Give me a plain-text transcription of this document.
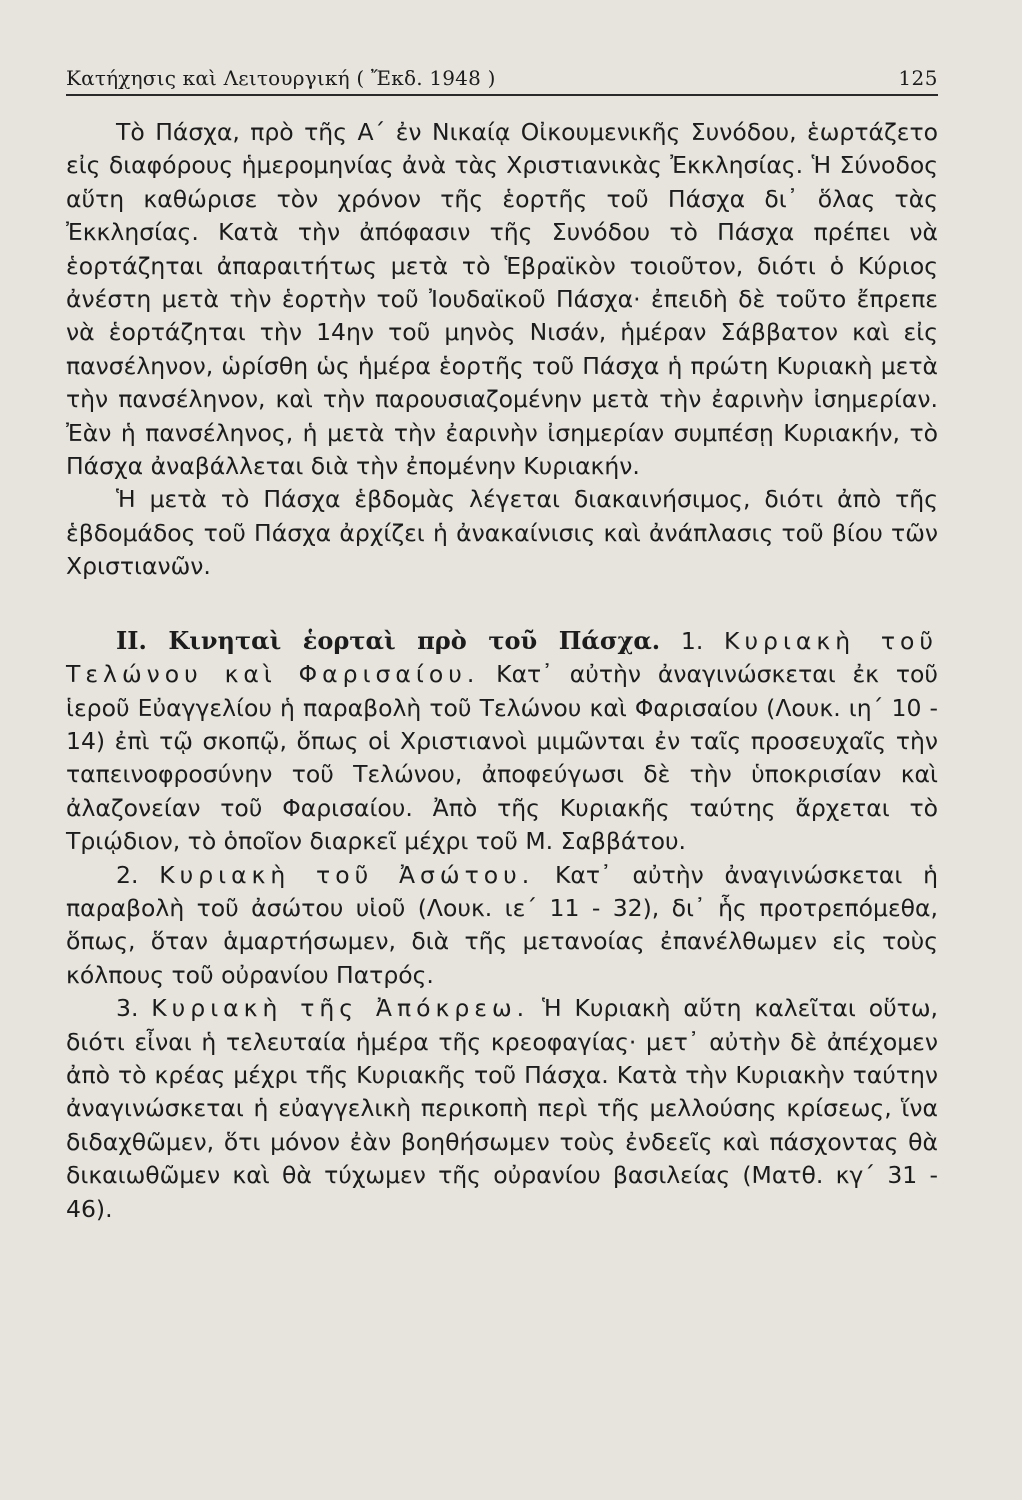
Κατήχησις καὶ Λειτουργική ( Ἔκδ. 1948 )	125

Τὸ Πάσχα, πρὸ τῆς Α΄ ἐν Νικαίᾳ Οἰκουμενικῆς Συνόδου, ἑωρτάζετο εἰς διαφόρους ἡμερομηνίας ἀνὰ τὰς Χριστιανικὰς Ἐκκλησίας. Ἡ Σύνοδος αὕτη καθώρισε τὸν χρόνον τῆς ἑορτῆς τοῦ Πάσχα δι᾿ ὅλας τὰς Ἐκκλησίας. Κατὰ τὴν ἀπόφασιν τῆς Συνόδου τὸ Πάσχα πρέπει νὰ ἑορτάζηται ἀπαραιτήτως μετὰ τὸ Ἑβραϊκὸν τοιοῦτον, διότι ὁ Κύριος ἀνέστη μετὰ τὴν ἑορτὴν τοῦ Ἰουδαϊκοῦ Πάσχα· ἐπειδὴ δὲ τοῦτο ἔπρεπε νὰ ἑορτάζηται τὴν 14ην τοῦ μηνὸς Νισάν, ἡμέραν Σάββατον καὶ εἰς πανσέληνον, ὡρίσθη ὡς ἡμέρα ἑορτῆς τοῦ Πάσχα ἡ πρώτη Κυριακὴ μετὰ τὴν πανσέληνον, καὶ τὴν παρουσιαζομένην μετὰ τὴν ἐαρινὴν ἰσημερίαν. Ἐὰν ἡ πανσέληνος, ἡ μετὰ τὴν ἐαρινὴν ἰσημερίαν συμπέσῃ Κυριακήν, τὸ Πάσχα ἀναβάλλεται διὰ τὴν ἐπομένην Κυριακήν.

Ἡ μετὰ τὸ Πάσχα ἑβδομὰς λέγεται διακαινήσιμος, διότι ἀπὸ τῆς ἑβδομάδος τοῦ Πάσχα ἀρχίζει ἡ ἀνακαίνισις καὶ ἀνάπλασις τοῦ βίου τῶν Χριστιανῶν.

ΙΙ. Κινηταὶ ἑορταὶ πρὸ τοῦ Πάσχα. 1. Κυριακὴ τοῦ Τελώνου καὶ Φαρισαίου. Κατ᾿ αὐτὴν ἀναγινώσκεται ἐκ τοῦ ἱεροῦ Εὐαγγελίου ἡ παραβολὴ τοῦ Τελώνου καὶ Φαρισαίου (Λουκ. ιη΄ 10 - 14) ἐπὶ τῷ σκοπῷ, ὅπως οἱ Χριστιανοὶ μιμῶνται ἐν ταῖς προσευχαῖς τὴν ταπεινοφροσύνην τοῦ Τελώνου, ἀποφεύγωσι δὲ τὴν ὑποκρισίαν καὶ ἀλαζονείαν τοῦ Φαρισαίου. Ἀπὸ τῆς Κυριακῆς ταύτης ἄρχεται τὸ Τριῴδιον, τὸ ὁποῖον διαρκεῖ μέχρι τοῦ Μ. Σαββάτου.

2. Κυριακὴ τοῦ Ἀσώτου. Κατ᾿ αὐτὴν ἀναγινώσκεται ἡ παραβολὴ τοῦ ἀσώτου υἱοῦ (Λουκ. ιε΄ 11 - 32), δι᾿ ἧς προτρεπόμεθα, ὅπως, ὅταν ἁμαρτήσωμεν, διὰ τῆς μετανοίας ἐπανέλθωμεν εἰς τοὺς κόλπους τοῦ οὐρανίου Πατρός.

3. Κυριακὴ τῆς Ἀπόκρεω. Ἡ Κυριακὴ αὕτη καλεῖται οὕτω, διότι εἶναι ἡ τελευταία ἡμέρα τῆς κρεοφαγίας· μετ᾿ αὐτὴν δὲ ἀπέχομεν ἀπὸ τὸ κρέας μέχρι τῆς Κυριακῆς τοῦ Πάσχα. Κατὰ τὴν Κυριακὴν ταύτην ἀναγινώσκεται ἡ εὐαγγελικὴ περικοπὴ περὶ τῆς μελλούσης κρίσεως, ἵνα διδαχθῶμεν, ὅτι μόνον ἐὰν βοηθήσωμεν τοὺς ἐνδεεῖς καὶ πάσχοντας θὰ δικαιωθῶμεν καὶ θὰ τύχωμεν τῆς οὐρανίου βασιλείας (Ματθ. κγ΄ 31 - 46).
